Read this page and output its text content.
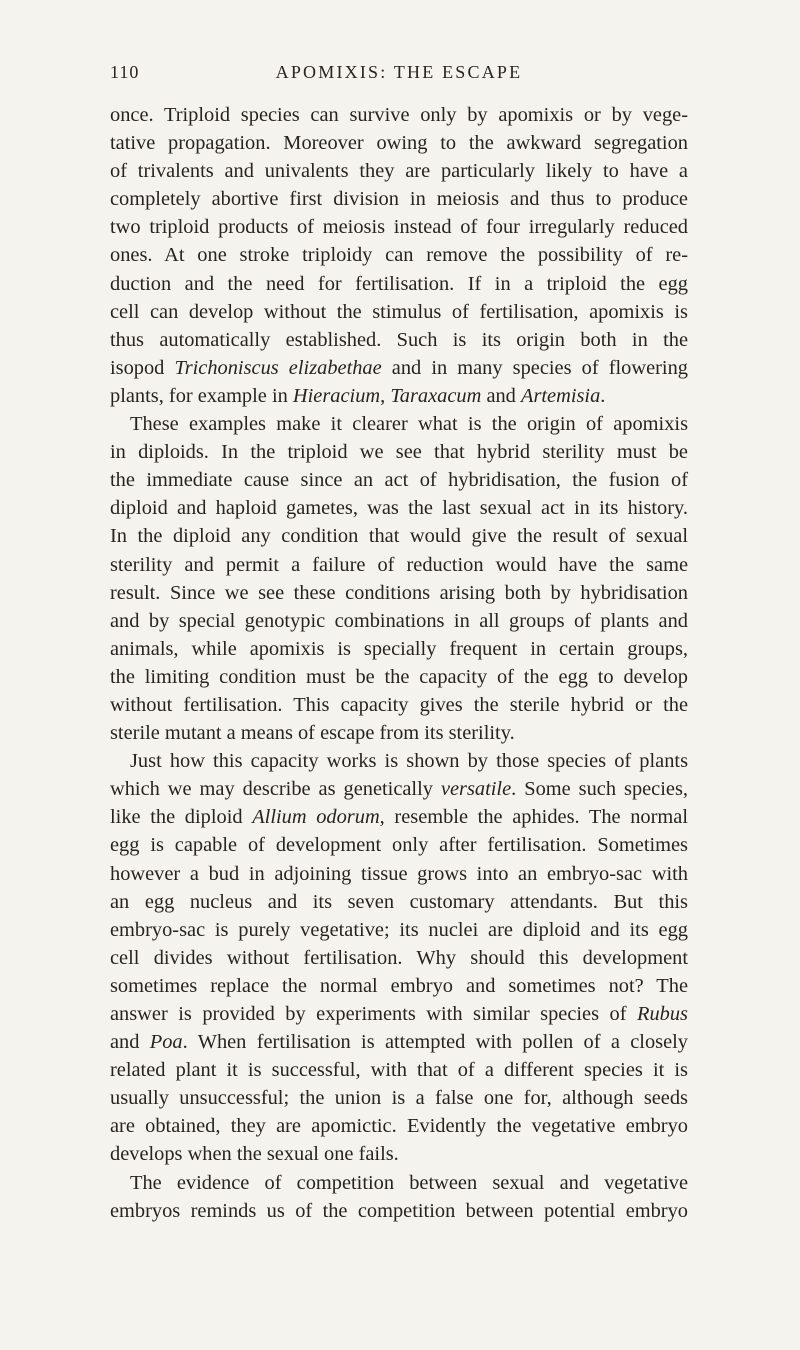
110	APOMIXIS: THE ESCAPE
once. Triploid species can survive only by apomixis or by vege-
tative propagation. Moreover owing to the awkward segregation
of trivalents and univalents they are particularly likely to have a
completely abortive first division in meiosis and thus to produce
two triploid products of meiosis instead of four irregularly reduced
ones. At one stroke triploidy can remove the possibility of re-
duction and the need for fertilisation. If in a triploid the egg
cell can develop without the stimulus of fertilisation, apomixis is
thus automatically established. Such is its origin both in the
isopod Trichoniscus elizabethae and in many species of flowering
plants, for example in Hieracium, Taraxacum and Artemisia.
These examples make it clearer what is the origin of apomixis
in diploids. In the triploid we see that hybrid sterility must be
the immediate cause since an act of hybridisation, the fusion of
diploid and haploid gametes, was the last sexual act in its history.
In the diploid any condition that would give the result of sexual
sterility and permit a failure of reduction would have the same
result. Since we see these conditions arising both by hybridisation
and by special genotypic combinations in all groups of plants and
animals, while apomixis is specially frequent in certain groups,
the limiting condition must be the capacity of the egg to develop
without fertilisation. This capacity gives the sterile hybrid or the
sterile mutant a means of escape from its sterility.
Just how this capacity works is shown by those species of plants
which we may describe as genetically versatile. Some such species,
like the diploid Allium odorum, resemble the aphides. The normal
egg is capable of development only after fertilisation. Sometimes
however a bud in adjoining tissue grows into an embryo-sac with
an egg nucleus and its seven customary attendants. But this
embryo-sac is purely vegetative; its nuclei are diploid and its egg
cell divides without fertilisation. Why should this development
sometimes replace the normal embryo and sometimes not? The
answer is provided by experiments with similar species of Rubus
and Poa. When fertilisation is attempted with pollen of a closely
related plant it is successful, with that of a different species it is
usually unsuccessful; the union is a false one for, although seeds
are obtained, they are apomictic. Evidently the vegetative embryo
develops when the sexual one fails.
The evidence of competition between sexual and vegetative
embryos reminds us of the competition between potential embryo
